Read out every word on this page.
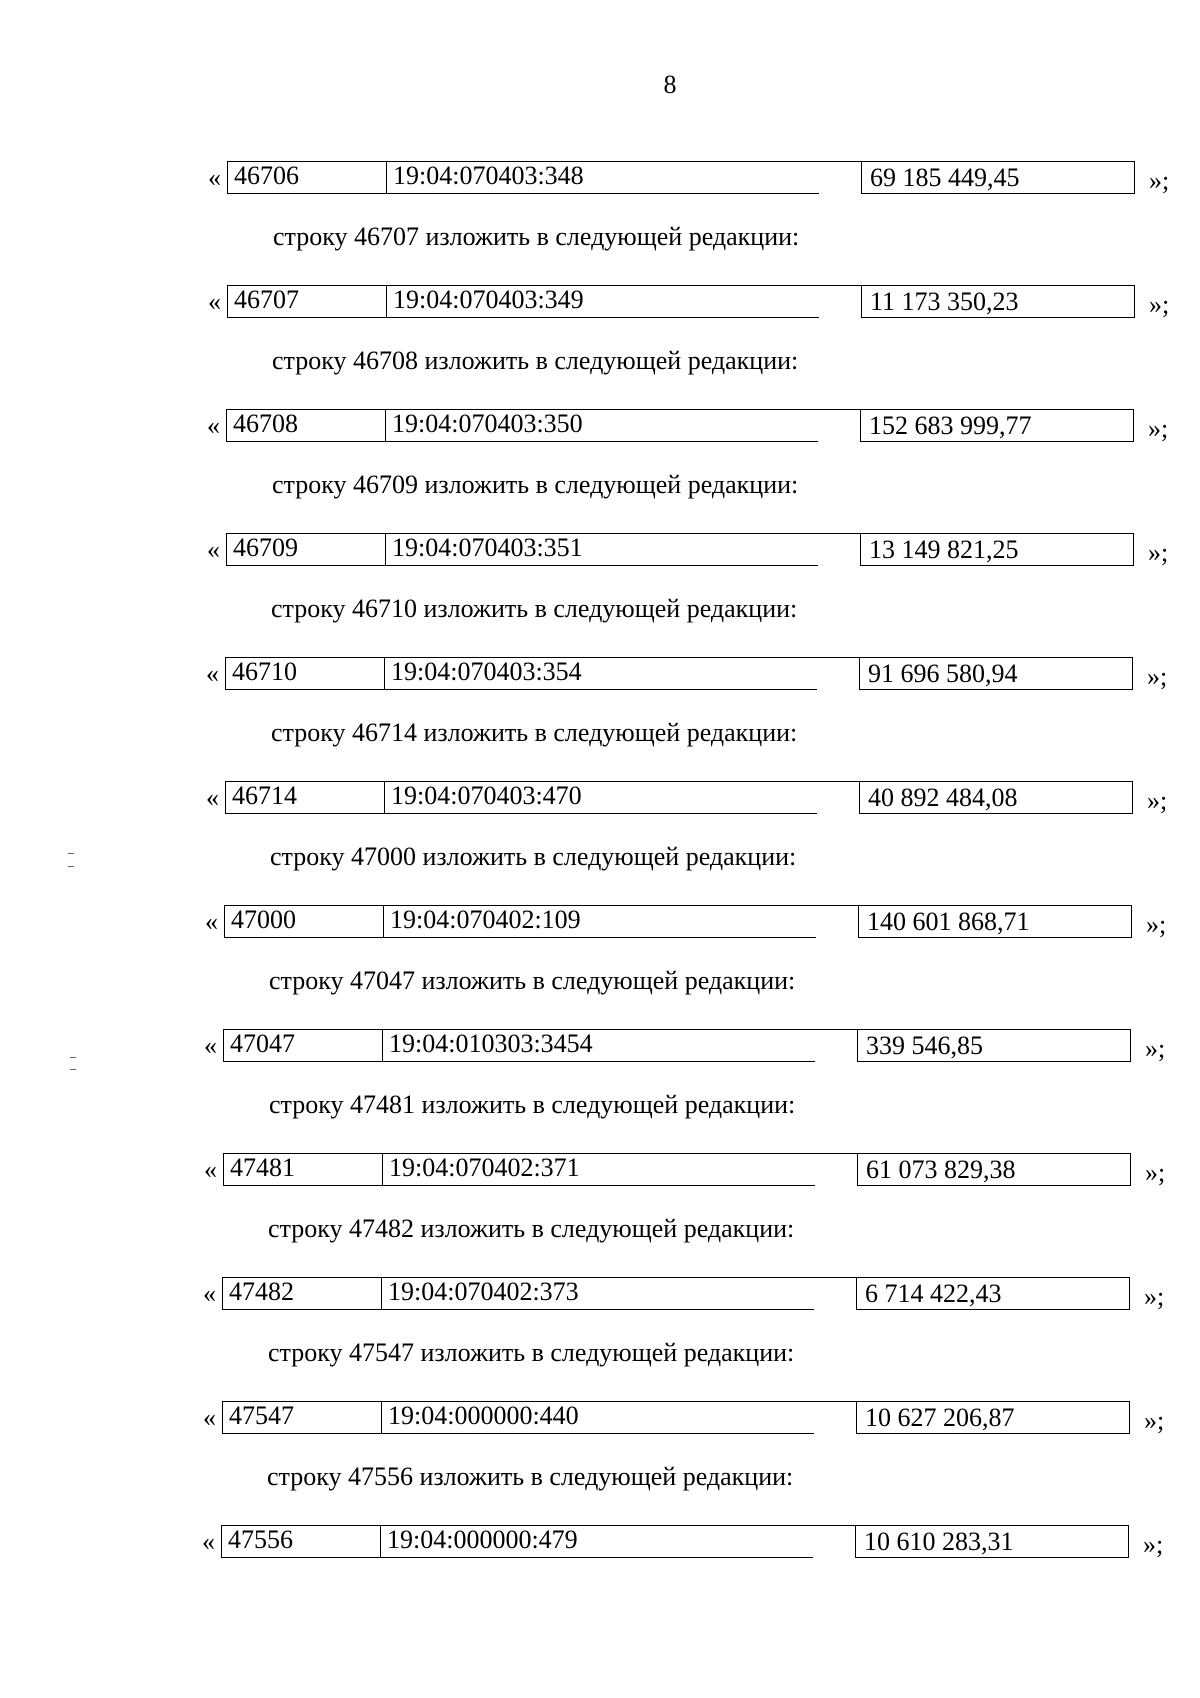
8
« 46706	19:04:070403:348	69 185 449,45	»;
строку 46707 изложить в следующей редакции:
« 46707	19:04:070403:349	11 173 350,23	»;
строку 46708 изложить в следующей редакции:
« 46708	19:04:070403:350	152 683 999,77	»;
строку 46709 изложить в следующей редакции:
« 46709	19:04:070403:351	13 149 821,25	»;
строку 46710 изложить в следующей редакции:
« 46710	19:04:070403:354	91 696 580,94	»;
строку 46714 изложить в следующей редакции:
« 46714	19:04:070403:470	40 892 484,08	»;
строку 47000 изложить в следующей редакции:
« 47000	19:04:070402:109	140 601 868,71	»;
строку 47047 изложить в следующей редакции:
« 47047	19:04:010303:3454	339 546,85	»;
строку 47481 изложить в следующей редакции:
« 47481	19:04:070402:371	61 073 829,38	»;
строку 47482 изложить в следующей редакции:
« 47482	19:04:070402:373	6 714 422,43	»;
строку 47547 изложить в следующей редакции:
« 47547	19:04:000000:440	10 627 206,87	»;
строку 47556 изложить в следующей редакции:
« 47556	19:04:000000:479	10 610 283,31	»;
